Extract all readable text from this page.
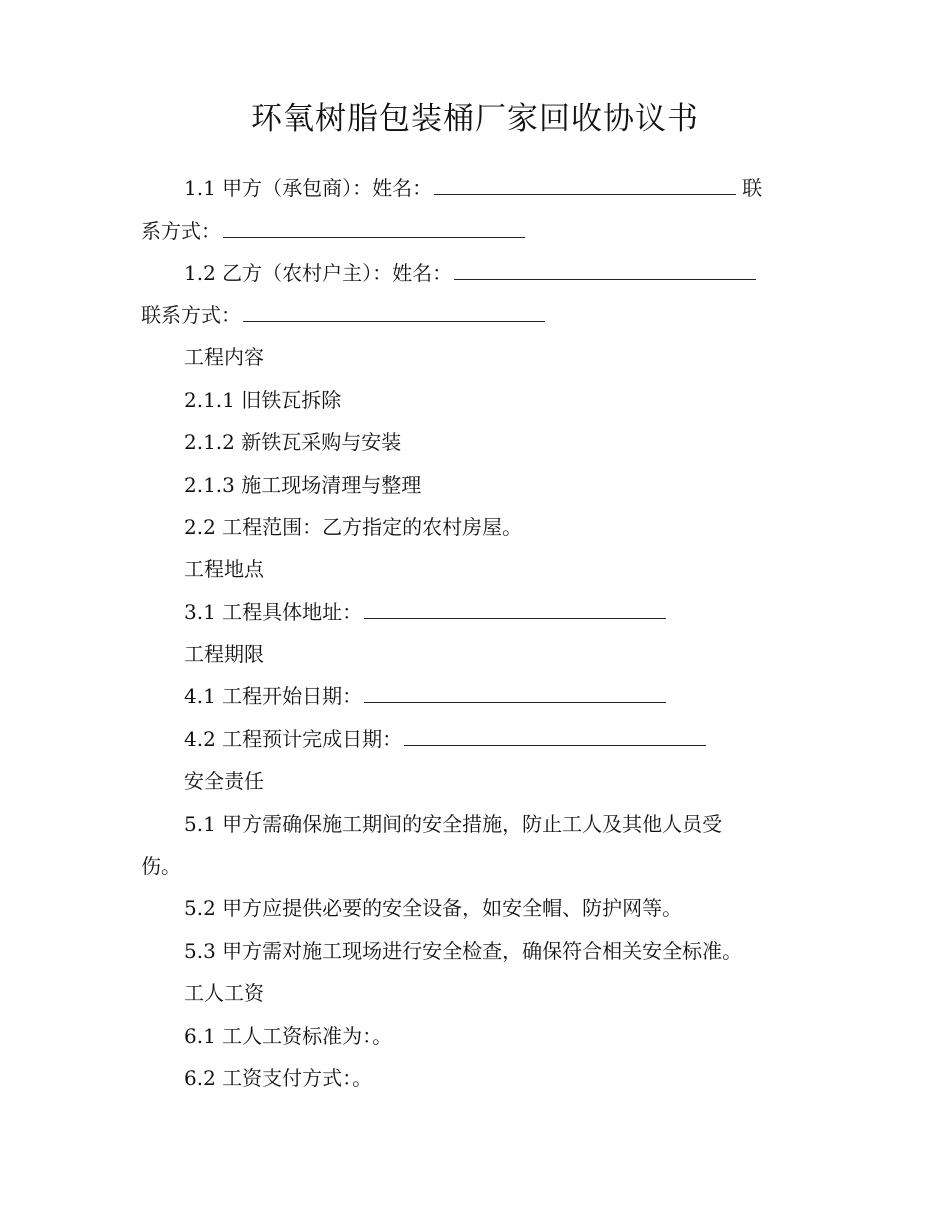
环氧树脂包装桶厂家回收协议书
1.1 甲方（承包商）：姓名：	联
系方式：
1.2 乙方（农村户主）：姓名：
联系方式：
工程内容
2.1.1 旧铁瓦拆除
2.1.2 新铁瓦采购与安装
2.1.3 施工现场清理与整理
2.2 工程范围：乙方指定的农村房屋。
工程地点
3.1 工程具体地址：
工程期限
4.1 工程开始日期：
4.2 工程预计完成日期：
安全责任
5.1 甲方需确保施工期间的安全措施，防止工人及其他人员受
伤。
5.2 甲方应提供必要的安全设备，如安全帽、防护网等。
5.3 甲方需对施工现场进行安全检查，确保符合相关安全标准。
工人工资
6.1 工人工资标准为：。
6.2 工资支付方式：。
